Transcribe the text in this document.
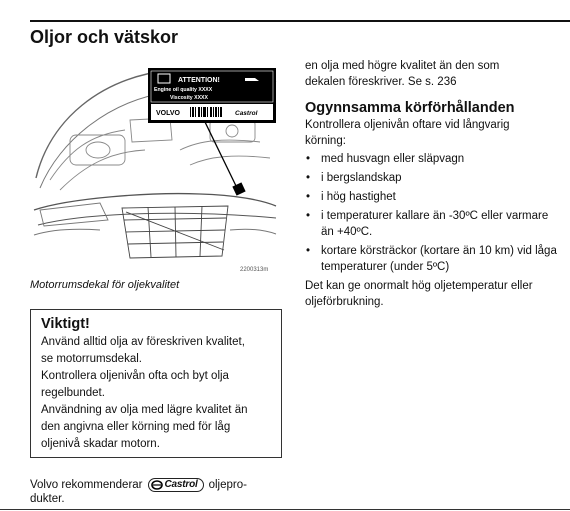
Oljor och vätskor
ATTENTION!
Engine oil quality XXXX
Viscosity XXXX
VOLVO	Castrol
2200313m
Motorrumsdekal för oljekvalitet
Viktigt!
Använd alltid olja av föreskriven kvalitet,
se motorrumsdekal.
Kontrollera oljenivån ofta och byt olja
regelbundet.
Användning av olja med lägre kvalitet än
den angivna eller körning med för låg
oljenivå skadar motorn.
Volvo rekommenderar Castrol oljepro-
dukter.

en olja med högre kvalitet än den som

dekalen föreskriver. Se s. 236

Ogynnsamma körförhållanden

Kontrollera oljenivån oftare vid långvarig

körning:

• med husvagn eller släpvagn
• i bergslandskap
• i hög hastighet
• i temperaturer kallare än -30ºC eller varmare än +40ºC.
• kortare körsträckor (kortare än 10 km) vid låga temperaturer (under 5ºC)

Det kan ge onormalt hög oljetemperatur eller

oljeförbrukning.
